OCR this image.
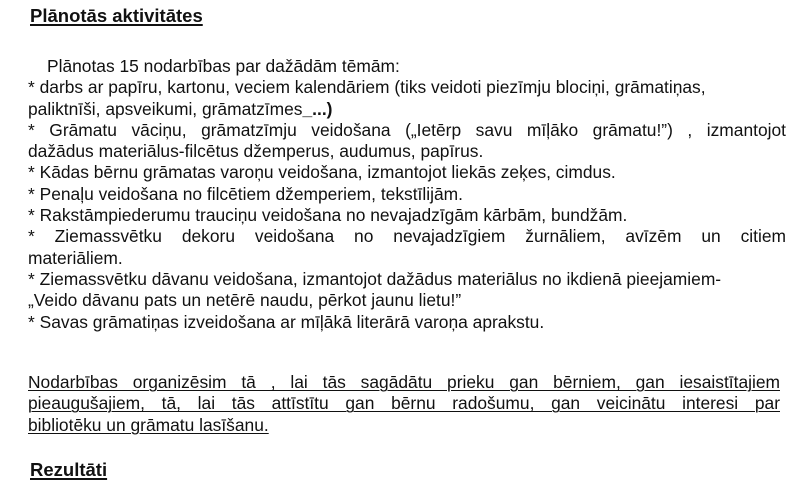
Plānotās aktivitātes
Plānotas 15 nodarbības par dažādām tēmām:
* darbs ar papīru, kartonu, veciem kalendāriem (tiks veidoti piezīmju blociņi, grāmatiņas,
paliktnīši, apsveikumi, grāmatzīmes_...)
* Grāmatu vāciņu, grāmatzīmju veidošana („Ietērp savu mīļāko grāmatu!”) , izmantojot
dažādus materiālus-filcētus džemperus, audumus, papīrus.
* Kādas bērnu grāmatas varoņu veidošana, izmantojot liekās zeķes, cimdus.
* Penaļu veidošana no filcētiem džemperiem, tekstīlijām.
* Rakstāmpiederumu trauciņu veidošana no nevajadzīgām kārbām, bundžām.
* Ziemassvētku dekoru veidošana no nevajadzīgiem žurnāliem, avīzēm un citiem
materiāliem.
* Ziemassvētku dāvanu veidošana, izmantojot dažādus materiālus no ikdienā pieejamiem-
„Veido dāvanu pats un netērē naudu, pērkot jaunu lietu!”
* Savas grāmatiņas izveidošana ar mīļākā literārā varoņa aprakstu.
Nodarbības organizēsim tā , lai tās sagādātu prieku gan bērniem, gan iesaistītajiem
pieaugušajiem, tā, lai tās attīstītu gan bērnu radošumu, gan veicinātu interesi par
bibliotēku un grāmatu lasīšanu.
Rezultāti
